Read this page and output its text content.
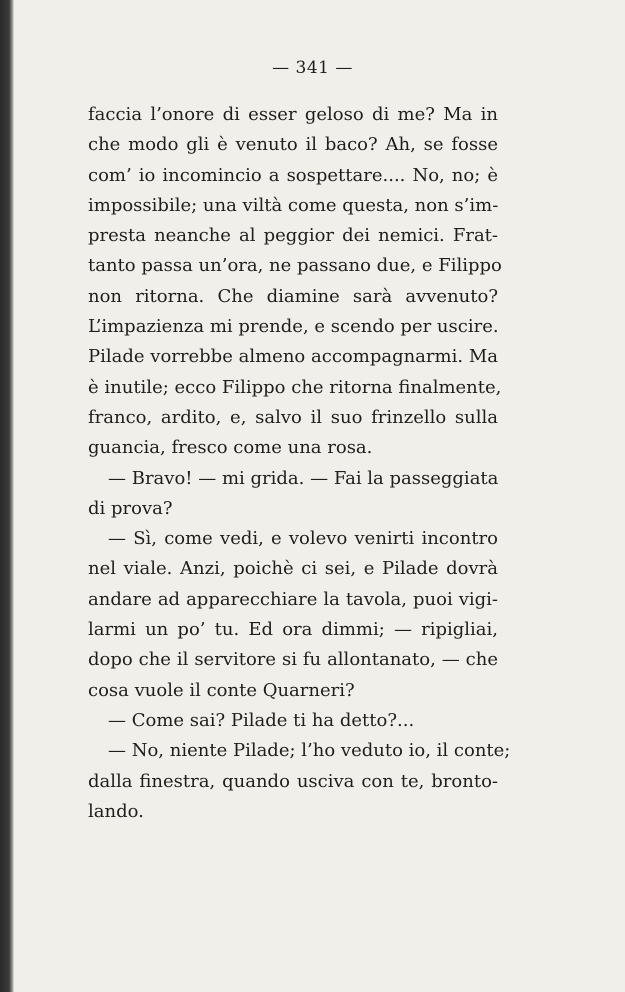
— 341 —
faccia l’onore di esser geloso di me? Ma in
che modo gli è venuto il baco? Ah, se fosse
com’ io incomincio a sospettare.... No, no; è
impossibile; una viltà come questa, non s’im-
presta neanche al peggior dei nemici. Frat-
tanto passa un’ora, ne passano due, e Filippo
non ritorna. Che diamine sarà avvenuto?
L’impazienza mi prende, e scendo per uscire.
Pilade vorrebbe almeno accompagnarmi. Ma
è inutile; ecco Filippo che ritorna finalmente,
franco, ardito, e, salvo il suo frinzello sulla
guancia, fresco come una rosa.
— Bravo! — mi grida. — Fai la passeggiata
di prova?
— Sì, come vedi, e volevo venirti incontro
nel viale. Anzi, poichè ci sei, e Pilade dovrà
andare ad apparecchiare la tavola, puoi vigi-
larmi un po’ tu. Ed ora dimmi; — ripigliai,
dopo che il servitore si fu allontanato, — che
cosa vuole il conte Quarneri?
— Come sai? Pilade ti ha detto?...
— No, niente Pilade; l’ho veduto io, il conte;
dalla finestra, quando usciva con te, bronto-
lando.
